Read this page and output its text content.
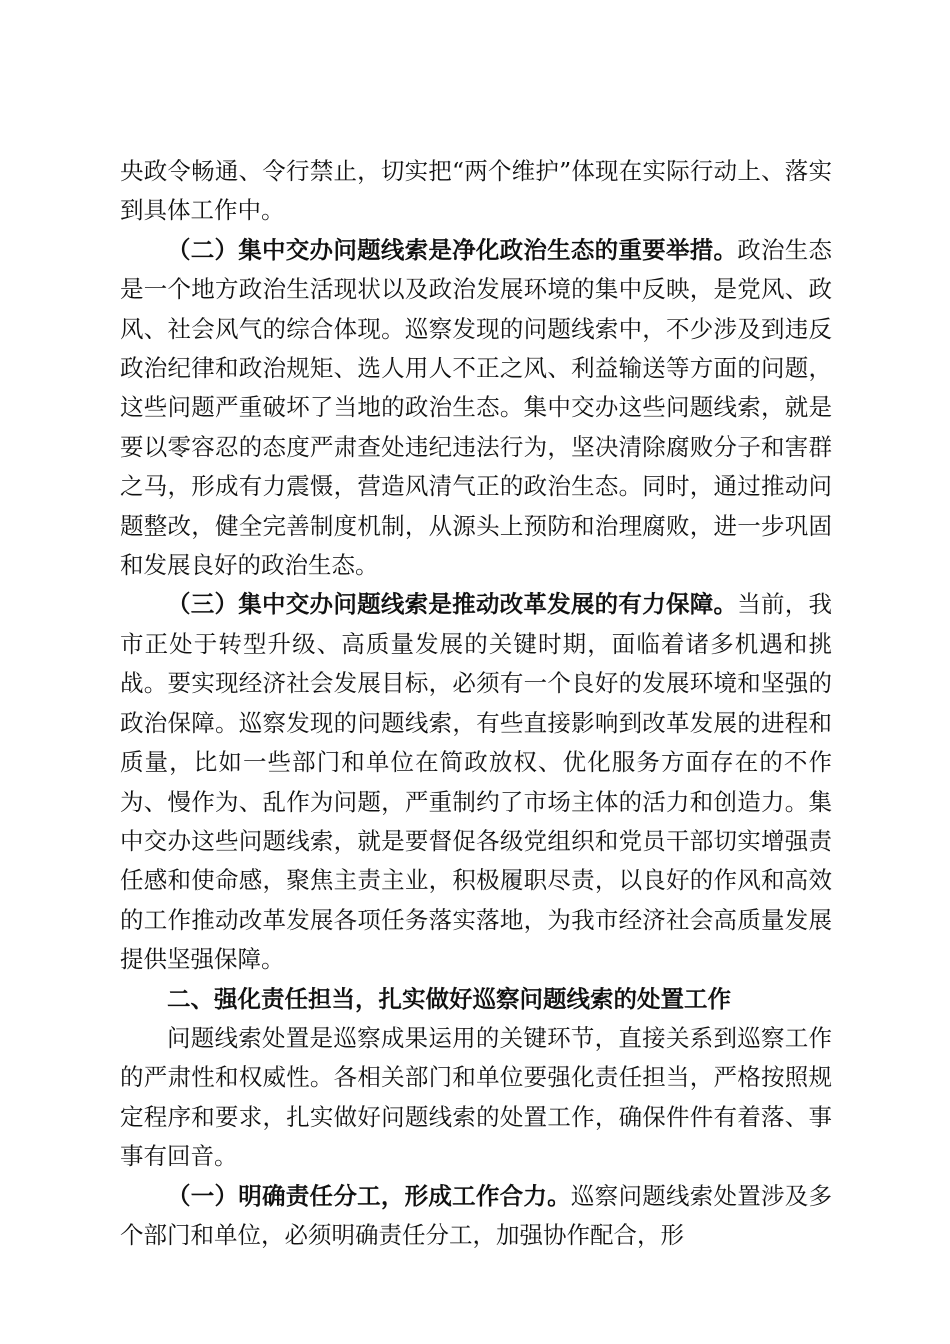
央政令畅通、令行禁止，切实把“两个维护”体现在实际行动上、落实到具体工作中。

（二）集中交办问题线索是净化政治生态的重要举措。政治生态是一个地方政治生活现状以及政治发展环境的集中反映，是党风、政风、社会风气的综合体现。巡察发现的问题线索中，不少涉及到违反政治纪律和政治规矩、选人用人不正之风、利益输送等方面的问题，这些问题严重破坏了当地的政治生态。集中交办这些问题线索，就是要以零容忍的态度严肃查处违纪违法行为，坚决清除腐败分子和害群之马，形成有力震慑，营造风清气正的政治生态。同时，通过推动问题整改，健全完善制度机制，从源头上预防和治理腐败，进一步巩固和发展良好的政治生态。

（三）集中交办问题线索是推动改革发展的有力保障。当前，我市正处于转型升级、高质量发展的关键时期，面临着诸多机遇和挑战。要实现经济社会发展目标，必须有一个良好的发展环境和坚强的政治保障。巡察发现的问题线索，有些直接影响到改革发展的进程和质量，比如一些部门和单位在简政放权、优化服务方面存在的不作为、慢作为、乱作为问题，严重制约了市场主体的活力和创造力。集中交办这些问题线索，就是要督促各级党组织和党员干部切实增强责任感和使命感，聚焦主责主业，积极履职尽责，以良好的作风和高效的工作推动改革发展各项任务落实落地，为我市经济社会高质量发展提供坚强保障。

二、强化责任担当，扎实做好巡察问题线索的处置工作

问题线索处置是巡察成果运用的关键环节，直接关系到巡察工作的严肃性和权威性。各相关部门和单位要强化责任担当，严格按照规定程序和要求，扎实做好问题线索的处置工作，确保件件有着落、事事有回音。

（一）明确责任分工，形成工作合力。巡察问题线索处置涉及多个部门和单位，必须明确责任分工，加强协作配合，形
